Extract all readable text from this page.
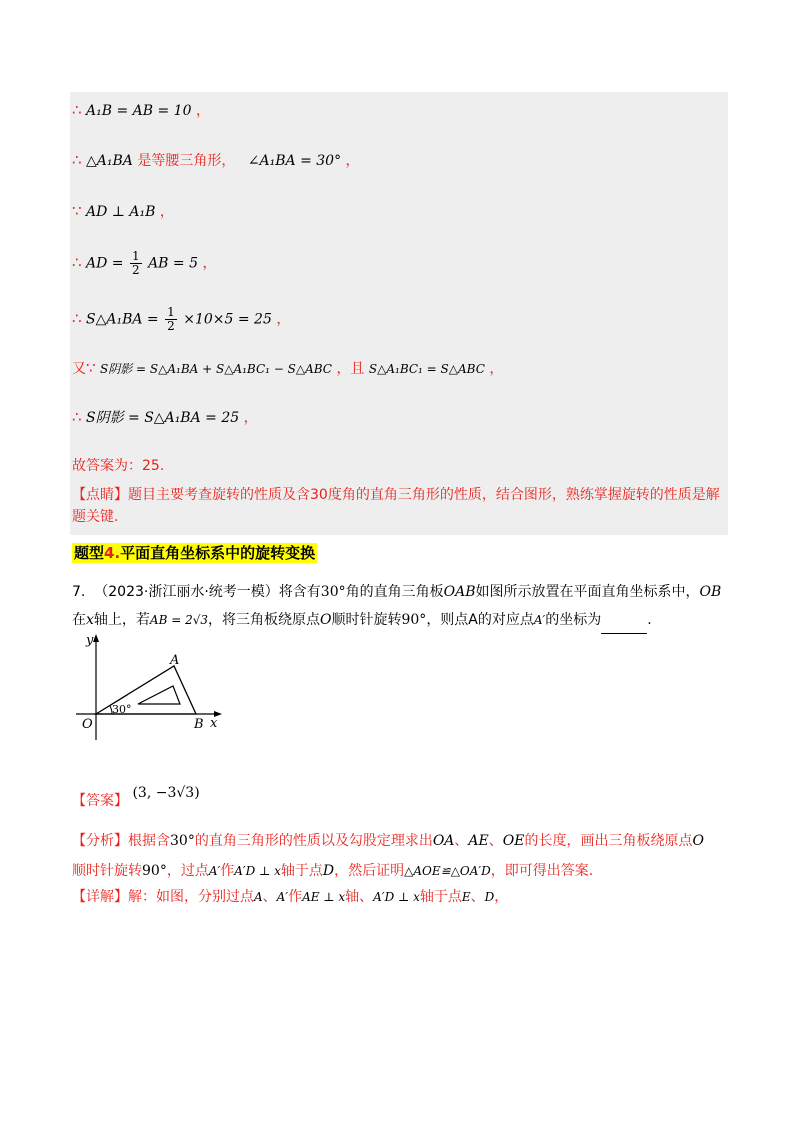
∴ A₁B = AB = 10 ，
∴ △A₁BA 是等腰三角形， ∠A₁BA = 30° ，
∵ AD ⊥ A₁B ，
∴ AD = $\frac{1}{2}$ AB = 5 ，
∴ S△A₁BA = $\frac{1}{2} \times 10\times 5 = 25$ ，
又∵ S阴影 = S△A₁BA + S△A₁BC₁ − S△ABC ，且 S△A₁BC₁ = S△ABC ，
∴ S阴影 = S△A₁BA = 25 ，
故答案为：25.
【点睛】题目主要考查旋转的性质及含30度角的直角三角形的性质，结合图形，熟练掌握旋转的性质是解题关键.
题型4.平面直角坐标系中的旋转变换
7. （2023·浙江丽水·统考一模）将含有30°角的直角三角板OAB如图所示放置在平面直角坐标系中，OB
在x轴上，若AB = 2√3，将三角板绕原点O顺时针旋转90°，则点A的对应点A′的坐标为	.
y
x
O
A
B
30°
【答案】 (3, −3√3)
【分析】根据含30°的直角三角形的性质以及勾股定理求出OA、AE、OE的长度，画出三角板绕原点O
顺时针旋转90°，过点A′作A′D ⊥ x轴于点D，然后证明△AOE≌△OA′D，即可得出答案.
【详解】解：如图，分别过点A、A′作AE ⊥ x轴、A′D ⊥ x轴于点E、D，
